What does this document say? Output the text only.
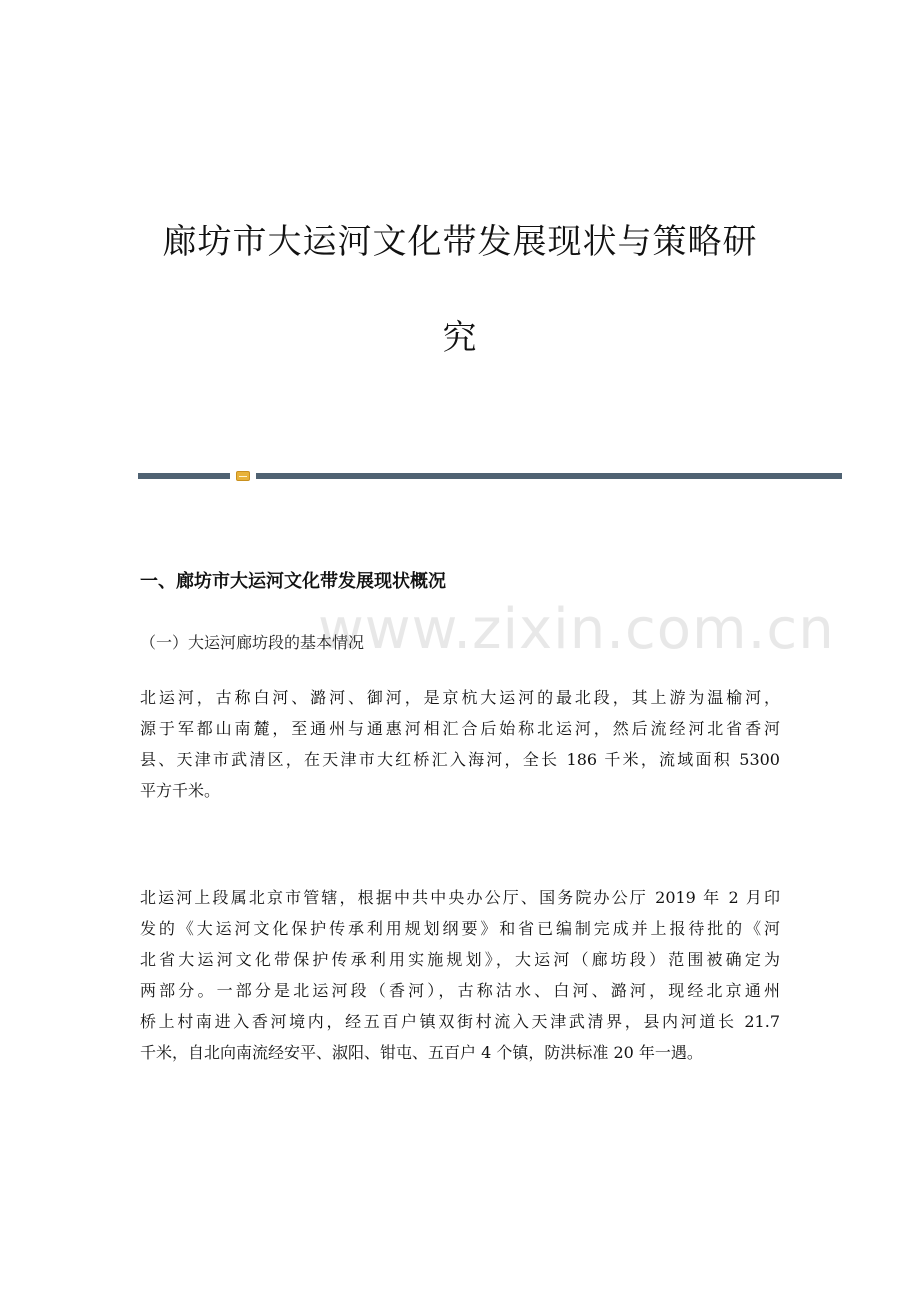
廊坊市大运河文化带发展现状与策略研
究
www.zixin.com.cn
一、廊坊市大运河文化带发展现状概况
（一）大运河廊坊段的基本情况
北运河，古称白河、潞河、御河，是京杭大运河的最北段，其上游为温榆河，
源于军都山南麓，至通州与通惠河相汇合后始称北运河，然后流经河北省香河
县、天津市武清区，在天津市大红桥汇入海河，全长 186 千米，流域面积 5300
平方千米。
北运河上段属北京市管辖，根据中共中央办公厅、国务院办公厅 2019 年 2 月印
发的《大运河文化保护传承利用规划纲要》和省已编制完成并上报待批的《河
北省大运河文化带保护传承利用实施规划》，大运河（廊坊段）范围被确定为
两部分。一部分是北运河段（香河），古称沽水、白河、潞河，现经北京通州
桥上村南进入香河境内，经五百户镇双街村流入天津武清界，县内河道长 21.7
千米，自北向南流经安平、淑阳、钳屯、五百户 4 个镇，防洪标准 20 年一遇。
